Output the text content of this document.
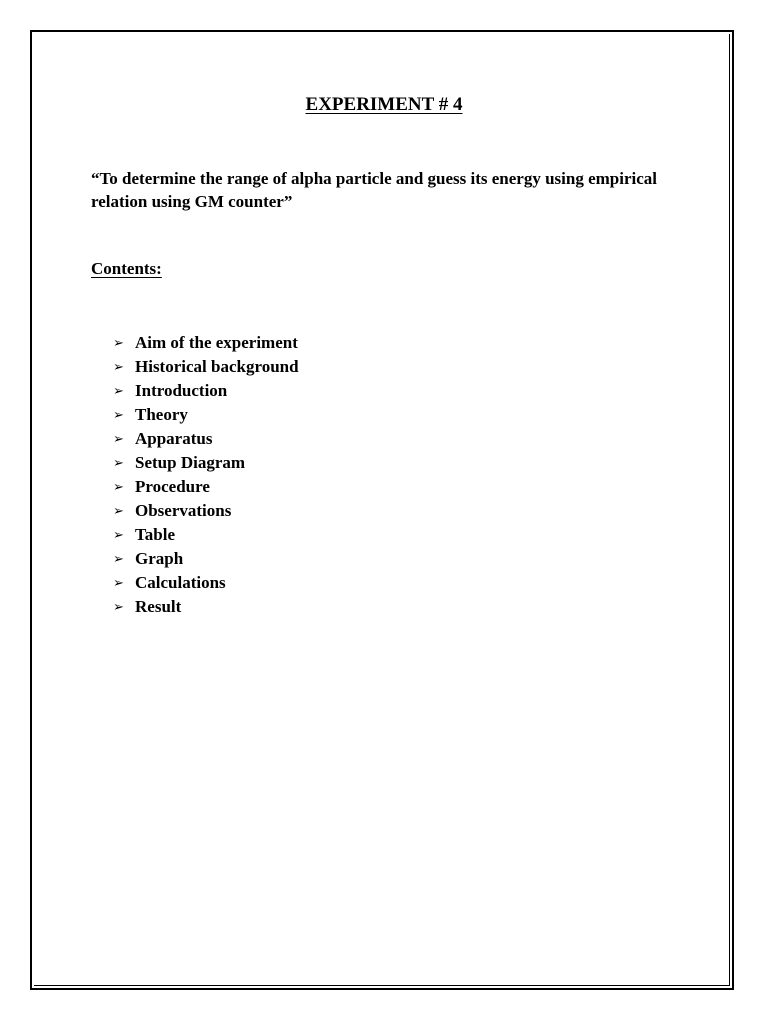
EXPERIMENT # 4
“To determine the range of alpha particle and guess its energy using empirical relation using GM counter”
Contents:
➢ Aim of the experiment
➢ Historical background
➢ Introduction
➢ Theory
➢ Apparatus
➢ Setup Diagram
➢ Procedure
➢ Observations
➢ Table
➢ Graph
➢ Calculations
➢ Result
